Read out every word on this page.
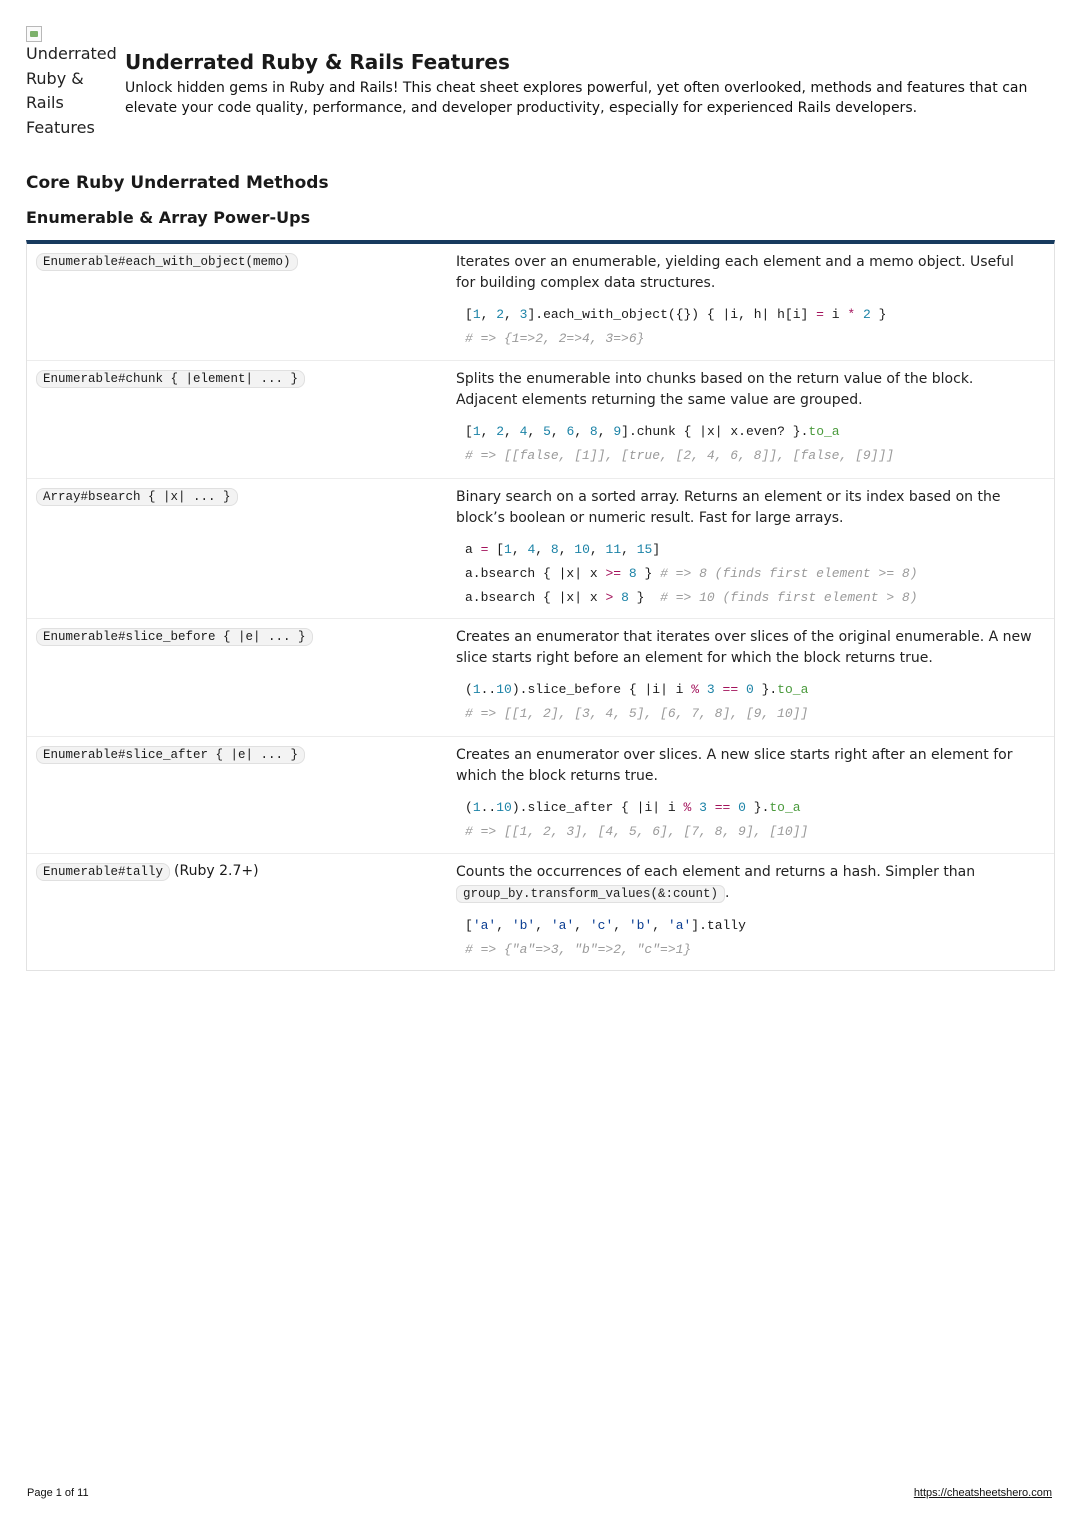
Underrated Ruby & Rails Features
Underrated Ruby & Rails Features

Unlock hidden gems in Ruby and Rails! This cheat sheet explores powerful, yet often overlooked, methods and features that can elevate your code quality, performance, and developer productivity, especially for experienced Rails developers.

Core Ruby Underrated Methods
Enumerable & Array Power-Ups
Enumerable#each_with_object(memo)	Iterates over an enumerable, yielding each element and a memo object. Useful for building complex data structures.
[1, 2, 3].each_with_object({}) { |i, h| h[i] = i * 2 }
# => {1=>2, 2=>4, 3=>6}
Enumerable#chunk { |element| ... }	Splits the enumerable into chunks based on the return value of the block. Adjacent elements returning the same value are grouped.
[1, 2, 4, 5, 6, 8, 9].chunk { |x| x.even? }.to_a
# => [[false, [1]], [true, [2, 4, 6, 8]], [false, [9]]]
Array#bsearch { |x| ... }	Binary search on a sorted array. Returns an element or its index based on the block’s boolean or numeric result. Fast for large arrays.
a = [1, 4, 8, 10, 11, 15]
a.bsearch { |x| x >= 8 } # => 8 (finds first element >= 8)
a.bsearch { |x| x > 8 }  # => 10 (finds first element > 8)
Enumerable#slice_before { |e| ... }	Creates an enumerator that iterates over slices of the original enumerable. A new slice starts right before an element for which the block returns true.
(1..10).slice_before { |i| i % 3 == 0 }.to_a
# => [[1, 2], [3, 4, 5], [6, 7, 8], [9, 10]]
Enumerable#slice_after { |e| ... }	Creates an enumerator over slices. A new slice starts right after an element for which the block returns true.
(1..10).slice_after { |i| i % 3 == 0 }.to_a
# => [[1, 2, 3], [4, 5, 6], [7, 8, 9], [10]]
Enumerable#tally (Ruby 2.7+)	Counts the occurrences of each element and returns a hash. Simpler than
group_by.transform_values(&:count) .
['a', 'b', 'a', 'c', 'b', 'a'].tally
# => {"a"=>3, "b"=>2, "c"=>1}
Page 1 of 11	https://cheatsheetshero.com
